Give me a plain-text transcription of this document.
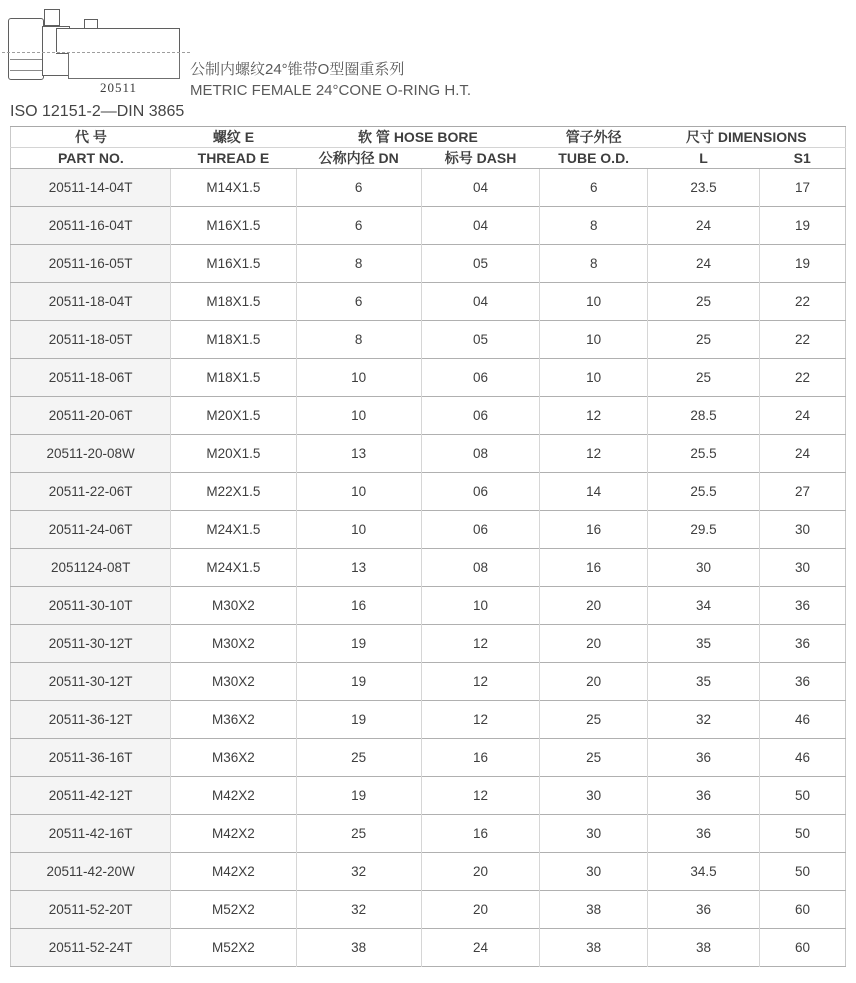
20511
公制内螺纹24°锥带O型圈重系列
METRIC FEMALE 24°CONE O-RING H.T.
ISO 12151-2—DIN 3865
代 号	螺纹 E	软 管 HOSE BORE		管子外径	尺寸 DIMENSIONS	
PART NO.	THREAD E	公称内径 DN	标号 DASH	TUBE O.D.	L	S1
20511-14-04T	M14X1.5	6	04	6	23.5	17
20511-16-04T	M16X1.5	6	04	8	24	19
20511-16-05T	M16X1.5	8	05	8	24	19
20511-18-04T	M18X1.5	6	04	10	25	22
20511-18-05T	M18X1.5	8	05	10	25	22
20511-18-06T	M18X1.5	10	06	10	25	22
20511-20-06T	M20X1.5	10	06	12	28.5	24
20511-20-08W	M20X1.5	13	08	12	25.5	24
20511-22-06T	M22X1.5	10	06	14	25.5	27
20511-24-06T	M24X1.5	10	06	16	29.5	30
2051124-08T	M24X1.5	13	08	16	30	30
20511-30-10T	M30X2	16	10	20	34	36
20511-30-12T	M30X2	19	12	20	35	36
20511-30-12T	M30X2	19	12	20	35	36
20511-36-12T	M36X2	19	12	25	32	46
20511-36-16T	M36X2	25	16	25	36	46
20511-42-12T	M42X2	19	12	30	36	50
20511-42-16T	M42X2	25	16	30	36	50
20511-42-20W	M42X2	32	20	30	34.5	50
20511-52-20T	M52X2	32	20	38	36	60
20511-52-24T	M52X2	38	24	38	38	60
